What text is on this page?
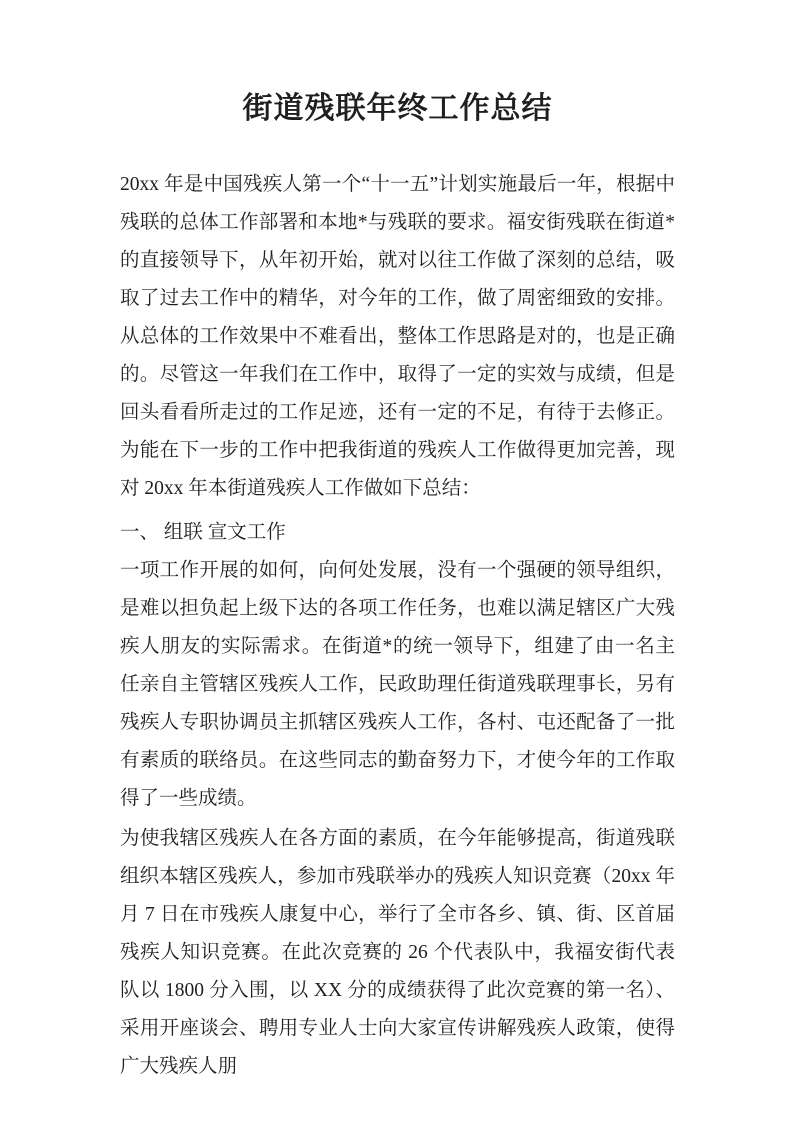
街道残联年终工作总结

20xx 年是中国残疾人第一个“十一五”计划实施最后一年，根据中残联的总体工作部署和本地*与残联的要求。福安街残联在街道*的直接领导下，从年初开始，就对以往工作做了深刻的总结，吸取了过去工作中的精华，对今年的工作，做了周密细致的安排。从总体的工作效果中不难看出，整体工作思路是对的，也是正确的。尽管这一年我们在工作中，取得了一定的实效与成绩，但是回头看看所走过的工作足迹，还有一定的不足，有待于去修正。为能在下一步的工作中把我街道的残疾人工作做得更加完善，现对 20xx 年本街道残疾人工作做如下总结：

一、 组联 宣文工作

一项工作开展的如何，向何处发展，没有一个强硬的领导组织，是难以担负起上级下达的各项工作任务，也难以满足辖区广大残疾人朋友的实际需求。在街道*的统一领导下，组建了由一名主任亲自主管辖区残疾人工作，民政助理任街道残联理事长，另有残疾人专职协调员主抓辖区残疾人工作，各村、屯还配备了一批有素质的联络员。在这些同志的勤奋努力下，才使今年的工作取得了一些成绩。

为使我辖区残疾人在各方面的素质，在今年能够提高，街道残联组织本辖区残疾人，参加市残联举办的残疾人知识竞赛（20xx 年月 7 日在市残疾人康复中心，举行了全市各乡、镇、街、区首届残疾人知识竞赛。在此次竞赛的 26 个代表队中，我福安街代表队以 1800 分入围，以 XX 分的成绩获得了此次竞赛的第一名）、采用开座谈会、聘用专业人士向大家宣传讲解残疾人政策，使得广大残疾人朋
